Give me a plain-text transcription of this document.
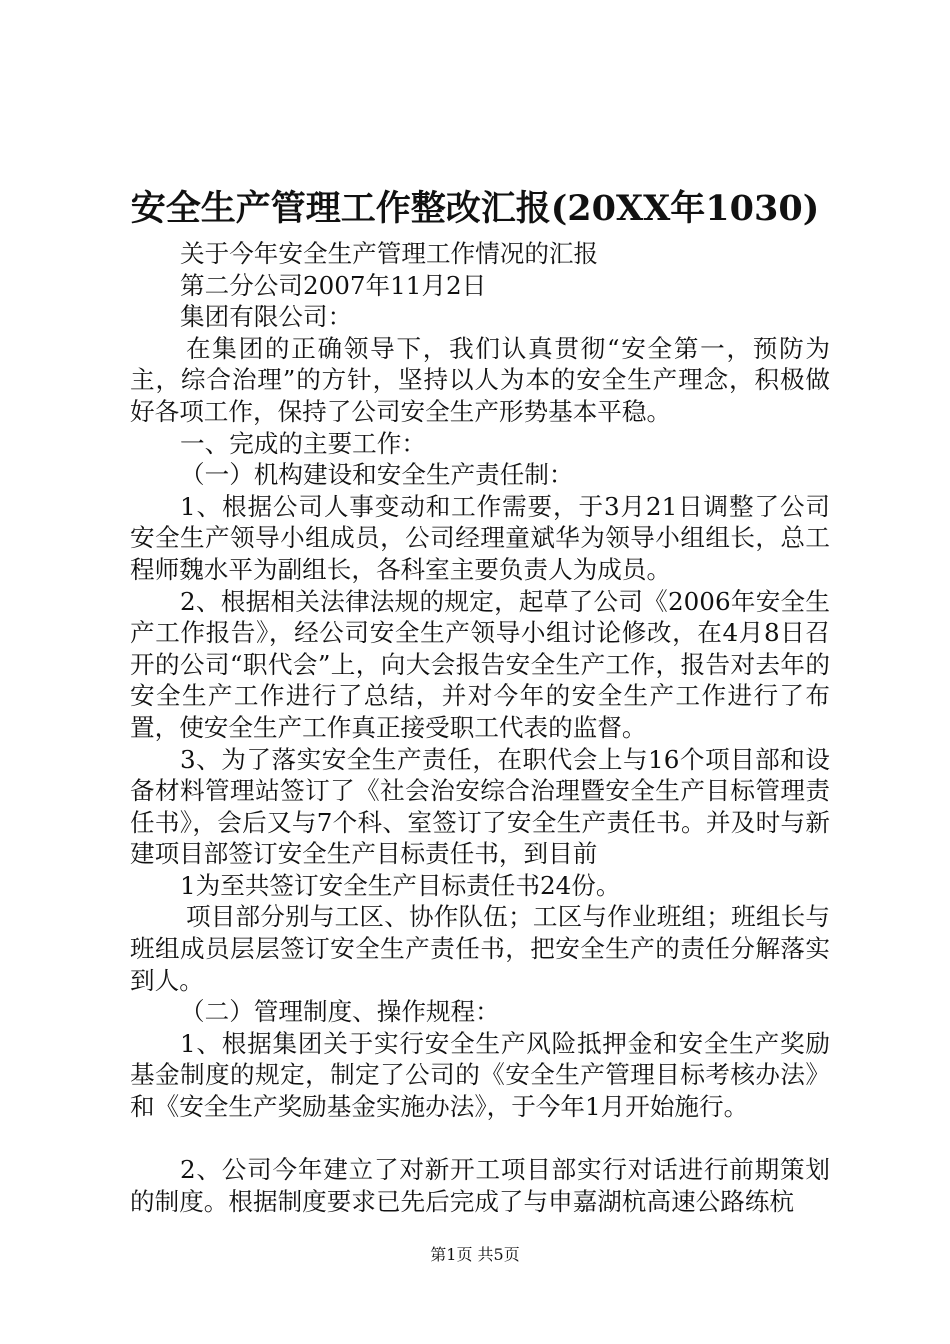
安全生产管理工作整改汇报(20XX年1030)

关于今年安全生产管理工作情况的汇报

第二分公司2007年11月2日

集团有限公司：

在集团的正确领导下，我们认真贯彻“安全第一，预防为主，综合治理”的方针，坚持以人为本的安全生产理念，积极做好各项工作，保持了公司安全生产形势基本平稳。

一、完成的主要工作：

（一）机构建设和安全生产责任制：

1、根据公司人事变动和工作需要，于3月21日调整了公司安全生产领导小组成员，公司经理童斌华为领导小组组长，总工程师魏水平为副组长，各科室主要负责人为成员。

2、根据相关法律法规的规定，起草了公司《2006年安全生产工作报告》，经公司安全生产领导小组讨论修改，在4月8日召开的公司“职代会”上，向大会报告安全生产工作，报告对去年的安全生产工作进行了总结，并对今年的安全生产工作进行了布置，使安全生产工作真正接受职工代表的监督。

3、为了落实安全生产责任，在职代会上与16个项目部和设备材料管理站签订了《社会治安综合治理暨安全生产目标管理责任书》，会后又与7个科、室签订了安全生产责任书。并及时与新建项目部签订安全生产目标责任书，到目前

1为至共签订安全生产目标责任书24份。

项目部分别与工区、协作队伍；工区与作业班组；班组长与班组成员层层签订安全生产责任书，把安全生产的责任分解落实到人。

（二）管理制度、操作规程：

1、根据集团关于实行安全生产风险抵押金和安全生产奖励基金制度的规定，制定了公司的《安全生产管理目标考核办法》和《安全生产奖励基金实施办法》，于今年1月开始施行。

2、公司今年建立了对新开工项目部实行对话进行前期策划的制度。根据制度要求已先后完成了与申嘉湖杭高速公路练杭

第1页 共5页
